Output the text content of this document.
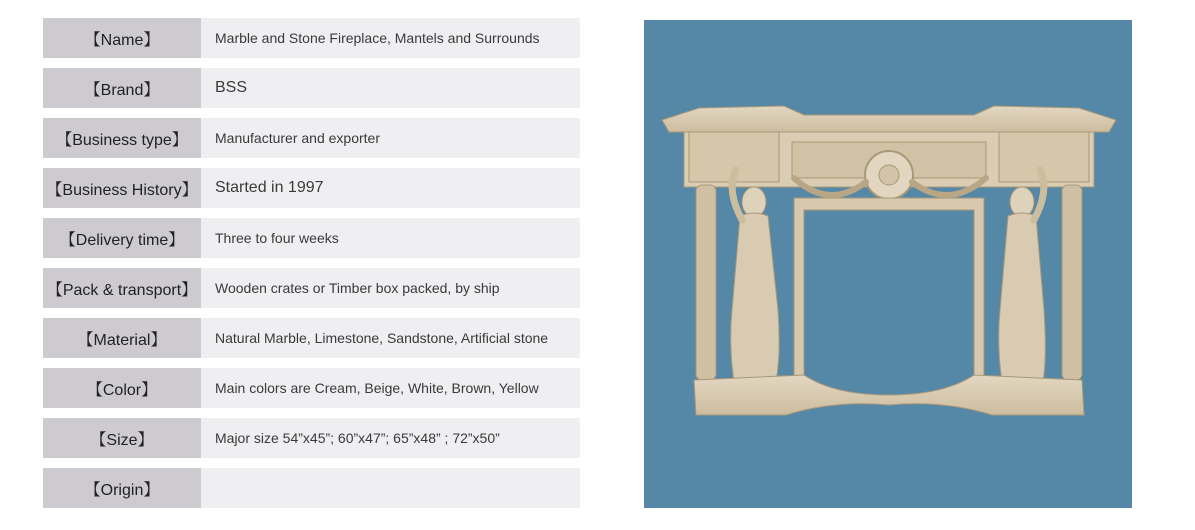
【Name】	Marble and Stone Fireplace, Mantels and Surrounds
【Brand】	BSS
【Business type】	Manufacturer and exporter
【Business History】	Started in 1997
【Delivery time】	Three to four weeks
【Pack & transport】	Wooden crates or Timber box packed, by ship
【Material】	Natural Marble, Limestone, Sandstone, Artificial stone
【Color】	Main colors are Cream, Beige, White, Brown, Yellow
【Size】	Major size 54”x45”; 60”x47”; 65”x48” ; 72”x50”
【Origin】
